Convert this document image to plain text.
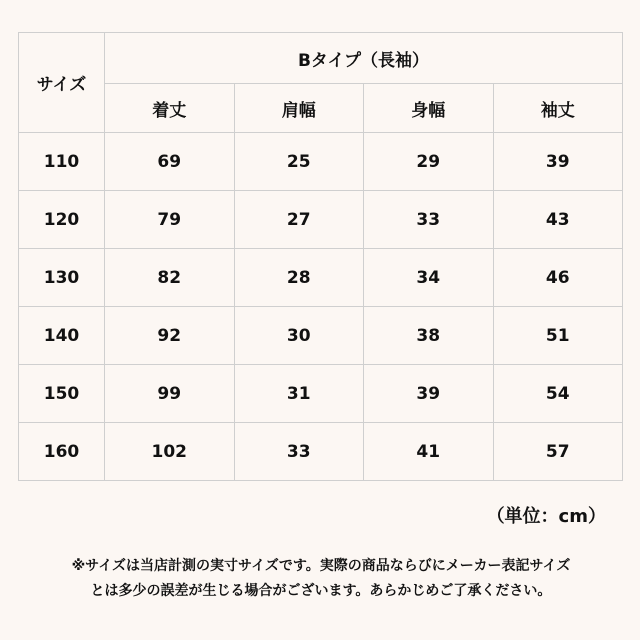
サイズ	Bタイプ（長袖）			
	着丈	肩幅	身幅	袖丈
110	69	25	29	39
120	79	27	33	43
130	82	28	34	46
140	92	30	38	51
150	99	31	39	54
160	102	33	41	57
（単位：cm）
※サイズは当店計測の実寸サイズです。実際の商品ならびにメーカー表記サイズ
とは多少の誤差が生じる場合がございます。あらかじめご了承ください。
